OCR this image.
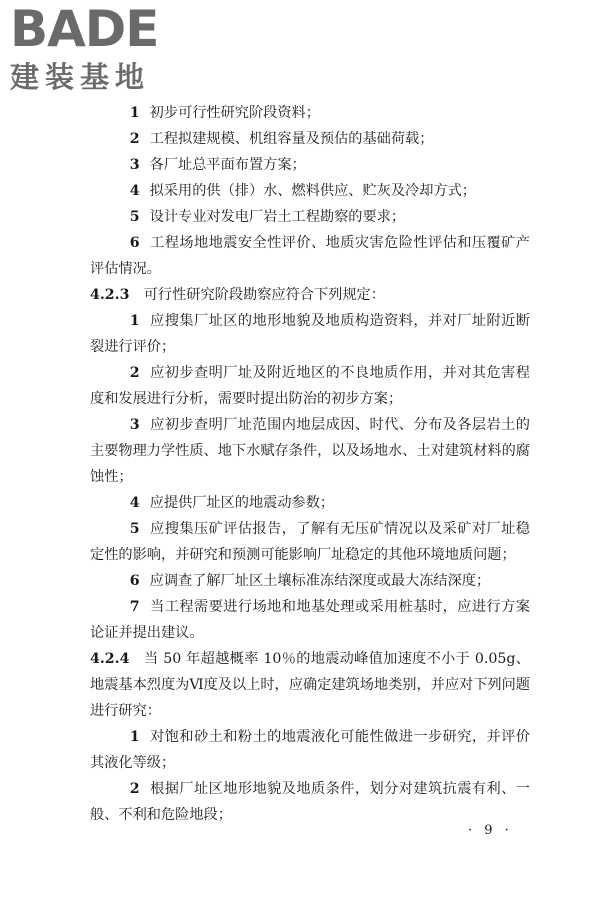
BADE
建装基地

1 初步可行性研究阶段资料；

2 工程拟建规模、机组容量及预估的基础荷载；

3 各厂址总平面布置方案；

4 拟采用的供（排）水、燃料供应、贮灰及冷却方式；

5 设计专业对发电厂岩土工程勘察的要求；

6 工程场地地震安全性评价、地质灾害危险性评估和压覆矿产评估情况。

4.2.3 可行性研究阶段勘察应符合下列规定：

1 应搜集厂址区的地形地貌及地质构造资料，并对厂址附近断裂进行评价；

2 应初步查明厂址及附近地区的不良地质作用，并对其危害程度和发展进行分析，需要时提出防治的初步方案；

3 应初步查明厂址范围内地层成因、时代、分布及各层岩土的主要物理力学性质、地下水赋存条件，以及场地水、土对建筑材料的腐蚀性；

4 应提供厂址区的地震动参数；

5 应搜集压矿评估报告，了解有无压矿情况以及采矿对厂址稳定性的影响，并研究和预测可能影响厂址稳定的其他环境地质问题；

6 应调查了解厂址区土壤标准冻结深度或最大冻结深度；

7 当工程需要进行场地和地基处理或采用桩基时，应进行方案论证并提出建议。

4.2.4 当 50 年超越概率 10％的地震动峰值加速度不小于 0.05g、地震基本烈度为Ⅵ度及以上时，应确定建筑场地类别，并应对下列问题进行研究：

1 对饱和砂土和粉土的地震液化可能性做进一步研究，并评价其液化等级；

2 根据厂址区地形地貌及地质条件，划分对建筑抗震有利、一般、不利和危险地段；

· 9 ·
